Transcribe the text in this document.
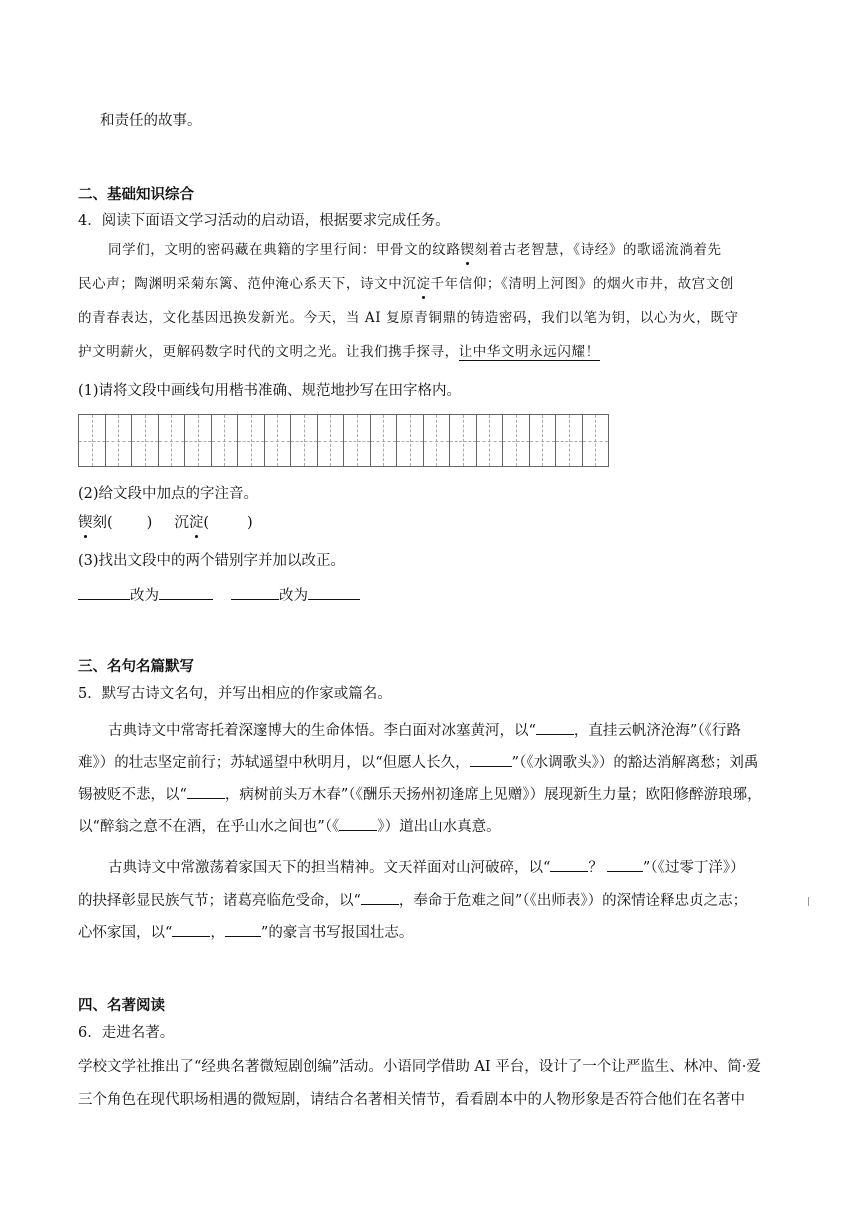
和责任的故事。
二、基础知识综合
4．阅读下面语文学习活动的启动语，根据要求完成任务。
同学们，文明的密码藏在典籍的字里行间：甲骨文的纹路锲刻着古老智慧，《诗经》的歌谣流淌着先
民心声；陶渊明采菊东篱、范仲淹心系天下，诗文中沉淀千年信仰；《清明上河图》的烟火市井，故宫文创
的青春表达，文化基因迅换发新光。今天，当 AI 复原青铜鼎的铸造密码，我们以笔为钥，以心为火，既守
护文明薪火，更解码数字时代的文明之光。让我们携手探寻，让中华文明永远闪耀！
(1)请将文段中画线句用楷书准确、规范地抄写在田字格内。
(2)给文段中加点的字注音。
锲刻( ) 沉淀(	)
(3)找出文段中的两个错别字并加以改正。
改为	改为
三、名句名篇默写
5．默写古诗文名句，并写出相应的作家或篇名。
古典诗文中常寄托着深邃博大的生命体悟。李白面对冰塞黄河，以“	，直挂云帆济沧海”（《行路
难》）的壮志坚定前行；苏轼遥望中秋明月，以“但愿人长久，	”（《水调歌头》）的豁达消解离愁；刘禹
锡被贬不悲，以“	，病树前头万木春”（《酬乐天扬州初逢席上见赠》）展现新生力量；欧阳修醉游琅琊，
以“醉翁之意不在酒，在乎山水之间也”（《	》）道出山水真意。
古典诗文中常激荡着家国天下的担当精神。文天祥面对山河破碎，以“	？	”（《过零丁洋》）
的抉择彰显民族气节；诸葛亮临危受命，以“	，奉命于危难之间”（《出师表》）的深情诠释忠贞之志；
心怀家国，以“	， ”的豪言书写报国壮志。
四、名著阅读
6．走进名著。
学校文学社推出了“经典名著微短剧创编”活动。小语同学借助 AI 平台，设计了一个让严监生、林冲、简·爱
三个角色在现代职场相遇的微短剧，请结合名著相关情节，看看剧本中的人物形象是否符合他们在名著中
